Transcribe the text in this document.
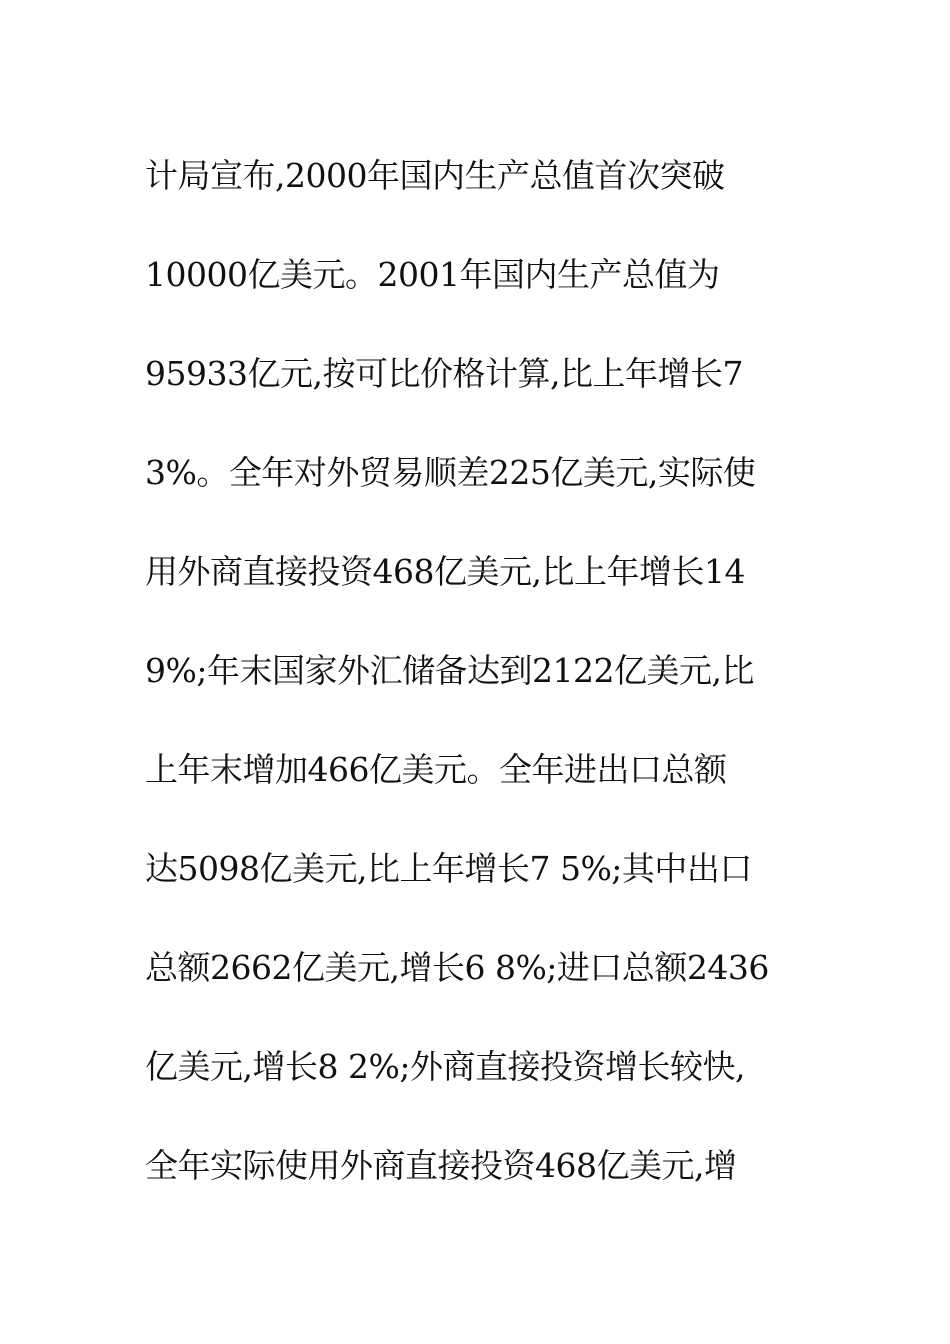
计局宣布,2000年国内生产总值首次突破
10000亿美元。2001年国内生产总值为
95933亿元,按可比价格计算,比上年增长7
3%。全年对外贸易顺差225亿美元,实际使
用外商直接投资468亿美元,比上年增长14
9%;年末国家外汇储备达到2122亿美元,比
上年末增加466亿美元。全年进出口总额
达5098亿美元,比上年增长7 5%;其中出口
总额2662亿美元,增长6 8%;进口总额2436
亿美元,增长8 2%;外商直接投资增长较快,
全年实际使用外商直接投资468亿美元,增
